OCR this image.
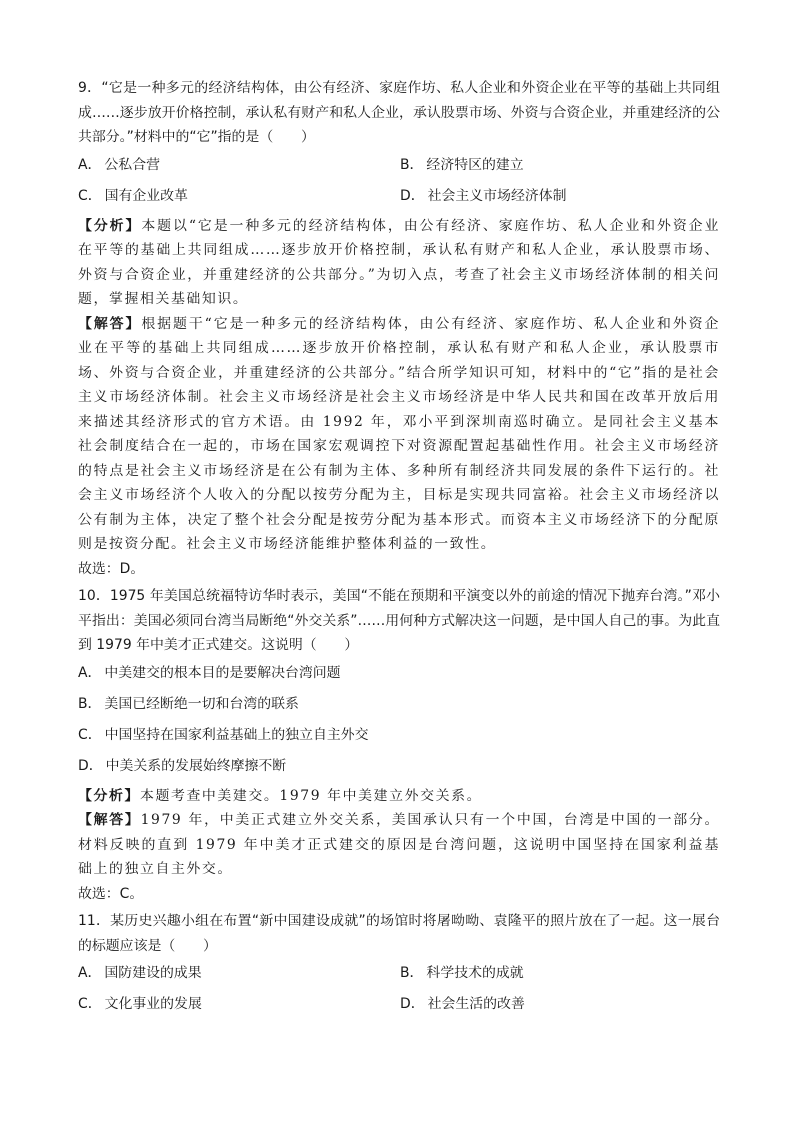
9．“它是一种多元的经济结构体，由公有经济、家庭作坊、私人企业和外资企业在平等的基础上共同组成……逐步放开价格控制，承认私有财产和私人企业，承认股票市场、外资与合资企业，并重建经济的公共部分。”材料中的“它”指的是（　　）

A． 公私合营	B． 经济特区的建立
C． 国有企业改革	D． 社会主义市场经济体制

【分析】本题以“它是一种多元的经济结构体，由公有经济、家庭作坊、私人企业和外资企业在平等的基础上共同组成……逐步放开价格控制，承认私有财产和私人企业，承认股票市场、外资与合资企业，并重建经济的公共部分。”为切入点，考查了社会主义市场经济体制的相关问题，掌握相关基础知识。

【解答】根据题干“它是一种多元的经济结构体，由公有经济、家庭作坊、私人企业和外资企业在平等的基础上共同组成……逐步放开价格控制，承认私有财产和私人企业，承认股票市场、外资与合资企业，并重建经济的公共部分。”结合所学知识可知，材料中的“它”指的是社会主义市场经济体制。社会主义市场经济是社会主义市场经济是中华人民共和国在改革开放后用来描述其经济形式的官方术语。由 1992 年，邓小平到深圳南巡时确立。是同社会主义基本社会制度结合在一起的，市场在国家宏观调控下对资源配置起基础性作用。社会主义市场经济的特点是社会主义市场经济是在公有制为主体、多种所有制经济共同发展的条件下运行的。社会主义市场经济个人收入的分配以按劳分配为主，目标是实现共同富裕。社会主义市场经济以公有制为主体，决定了整个社会分配是按劳分配为基本形式。而资本主义市场经济下的分配原则是按资分配。社会主义市场经济能维护整体利益的一致性。

故选：D。

10．1975 年美国总统福特访华时表示，美国“不能在预期和平演变以外的前途的情况下抛弃台湾。”邓小平指出：美国必须同台湾当局断绝“外交关系”……用何种方式解决这一问题，是中国人自己的事。为此直到 1979 年中美才正式建交。这说明（　　）

A． 中美建交的根本目的是要解决台湾问题
B． 美国已经断绝一切和台湾的联系
C． 中国坚持在国家利益基础上的独立自主外交
D． 中美关系的发展始终摩擦不断

【分析】本题考查中美建交。1979 年中美建立外交关系。

【解答】1979 年，中美正式建立外交关系，美国承认只有一个中国，台湾是中国的一部分。材料反映的直到 1979 年中美才正式建交的原因是台湾问题，这说明中国坚持在国家利益基础上的独立自主外交。

故选：C。

11．某历史兴趣小组在布置“新中国建设成就”的场馆时将屠呦呦、袁隆平的照片放在了一起。这一展台的标题应该是（　　）

A． 国防建设的成果	B． 科学技术的成就
C． 文化事业的发展	D． 社会生活的改善
